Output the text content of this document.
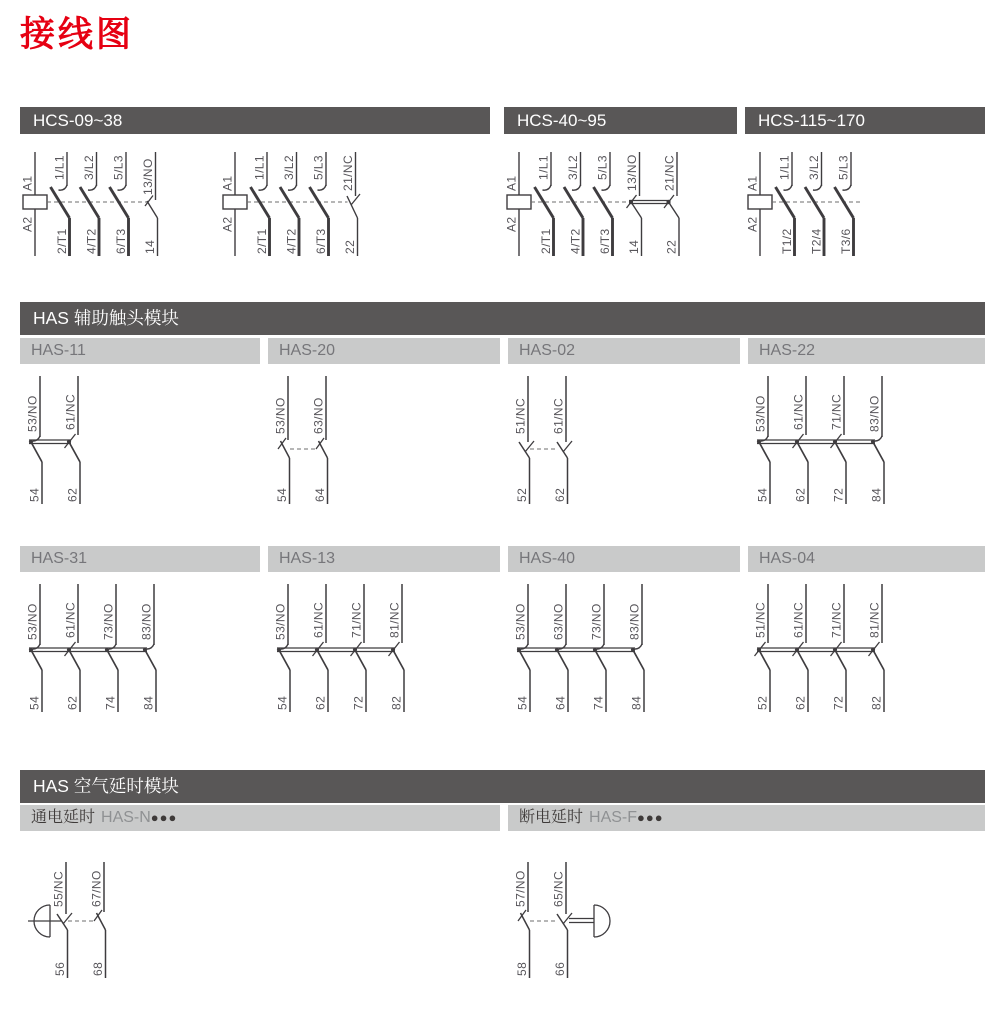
接线图
HCS-09~38	HCS-40~95	HCS-115~170
A1
A2
1/L1
2/T1
3/L2
4/T2
5/L3
6/T3
13/NO
14
A1
A2
1/L1
2/T1
3/L2
4/T2
5/L3
6/T3
21/NC
22
A1
A2
1/L1
2/T1
3/L2
4/T2
5/L3
6/T3
13/NO
14
21/NC
22
A1
A2
1/L1
T1/2
3/L2
T2/4
5/L3
T3/6
HAS 辅助触头模块
HAS-11	HAS-20	HAS-02	HAS-22
53/NO
54
61/NC
62
53/NO
54
63/NO
64
51/NC
52
61/NC
62
53/NO
54
61/NC
62
71/NC
72
83/NO
84
HAS-31	HAS-13	HAS-40	HAS-04
53/NO
54
61/NC
62
73/NO
74
83/NO
84
53/NO
54
61/NC
62
71/NC
72
81/NC
82
53/NO
54
63/NO
64
73/NO
74
83/NO
84
51/NC
52
61/NC
62
71/NC
72
81/NC
82
HAS 空气延时模块
通电延时 HAS-N●●●	断电延时 HAS-F●●●
55/NC
56
67/NO
68
57/NO
58
65/NC
66
